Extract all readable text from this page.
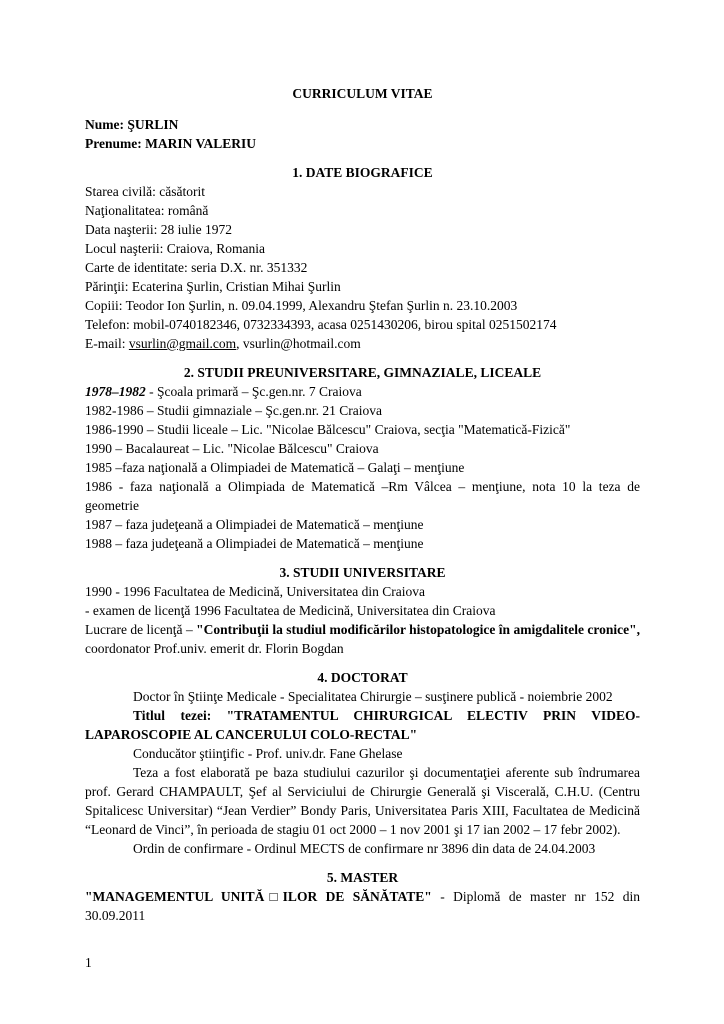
CURRICULUM VITAE

Nume: ŞURLIN

Prenume: MARIN VALERIU

1. DATE BIOGRAFICE

Starea civilă: căsătorit

Naţionalitatea: română

Data naşterii: 28 iulie 1972

Locul naşterii: Craiova, Romania

Carte de identitate: seria D.X. nr. 351332

Părinţii: Ecaterina Şurlin, Cristian Mihai Şurlin

Copiii: Teodor Ion Şurlin, n. 09.04.1999, Alexandru Ştefan Şurlin n. 23.10.2003

Telefon: mobil-0740182346, 0732334393, acasa 0251430206, birou spital 0251502174

E-mail: vsurlin@gmail.com, vsurlin@hotmail.com

2. STUDII PREUNIVERSITARE, GIMNAZIALE, LICEALE

1978–1982 - Şcoala primară – Şc.gen.nr. 7 Craiova

1982-1986 – Studii gimnaziale – Şc.gen.nr. 21 Craiova

1986-1990 – Studii liceale – Lic. "Nicolae Bălcescu" Craiova, secţia "Matematică-Fizică"

1990 – Bacalaureat – Lic. "Nicolae Bălcescu" Craiova

1985 –faza naţională a Olimpiadei de Matematică – Galaţi – menţiune

1986 - faza naţională a Olimpiada de Matematică –Rm Vâlcea – menţiune, nota 10 la teza de geometrie

1987 – faza judeţeană a Olimpiadei de Matematică – menţiune

1988 – faza judeţeană a Olimpiadei de Matematică – menţiune

3. STUDII UNIVERSITARE

1990 - 1996 Facultatea de Medicină, Universitatea din Craiova

- examen de licenţă 1996 Facultatea de Medicină, Universitatea din Craiova

Lucrare de licenţă – "Contribuţii la studiul modificărilor histopatologice în amigdalitele cronice", coordonator Prof.univ. emerit dr. Florin Bogdan

4. DOCTORAT

Doctor în Ştiinţe Medicale - Specialitatea Chirurgie – susţinere publică - noiembrie 2002

Titlul tezei: "TRATAMENTUL CHIRURGICAL ELECTIV PRIN VIDEO-LAPAROSCOPIE AL CANCERULUI COLO-RECTAL"

Conducător ştiinţific - Prof. univ.dr. Fane Ghelase

Teza a fost elaborată pe baza studiului cazurilor şi documentaţiei aferente sub îndrumarea prof. Gerard CHAMPAULT, Şef al Serviciului de Chirurgie Generală şi Viscerală, C.H.U. (Centru Spitalicesc Universitar) “Jean Verdier” Bondy Paris, Universitatea Paris XIII, Facultatea de Medicină “Leonard de Vinci”, în perioada de stagiu 01 oct 2000 – 1 nov 2001 şi 17 ian 2002 – 17 febr 2002).

Ordin de confirmare - Ordinul MECTS de confirmare nr 3896 din data de 24.04.2003

5. MASTER

"MANAGEMENTUL UNITĂ□ILOR DE SĂNĂTATE" - Diplomă de master nr 152 din 30.09.2011

1
